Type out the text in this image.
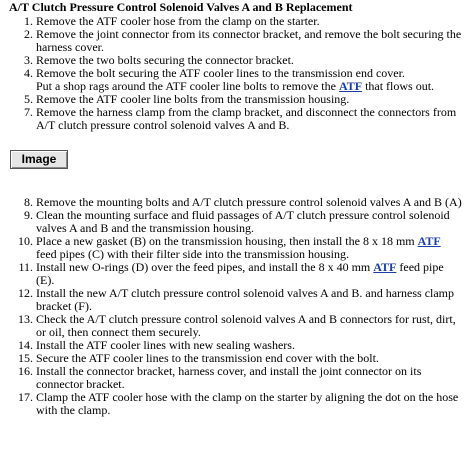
A/T Clutch Pressure Control Solenoid Valves A and B Replacement
1. Remove the ATF cooler hose from the clamp on the starter.
2. Remove the joint connector from its connector bracket, and remove the bolt securing the harness cover.
3. Remove the two bolts securing the connector bracket.
4. Remove the bolt securing the ATF cooler lines to the transmission end cover.
Put a shop rags around the ATF cooler line bolts to remove the ATF that flows out.
5. Remove the ATF cooler line bolts from the transmission housing.
7. Remove the harness clamp from the clamp bracket, and disconnect the connectors from A/T clutch pressure control solenoid valves A and B.
Image
8. Remove the mounting bolts and A/T clutch pressure control solenoid valves A and B (A)
9. Clean the mounting surface and fluid passages of A/T clutch pressure control solenoid valves A and B and the transmission housing.
10. Place a new gasket (B) on the transmission housing, then install the 8 x 18 mm ATF feed pipes (C) with their filter side into the transmission housing.
11. Install new O-rings (D) over the feed pipes, and install the 8 x 40 mm ATF feed pipe (E).
12. Install the new A/T clutch pressure control solenoid valves A and B. and harness clamp bracket (F).
13. Check the A/T clutch pressure control solenoid valves A and B connectors for rust, dirt, or oil, then connect them securely.
14. Install the ATF cooler lines with new sealing washers.
15. Secure the ATF cooler lines to the transmission end cover with the bolt.
16. Install the connector bracket, harness cover, and install the joint connector on its connector bracket.
17. Clamp the ATF cooler hose with the clamp on the starter by aligning the dot on the hose with the clamp.
